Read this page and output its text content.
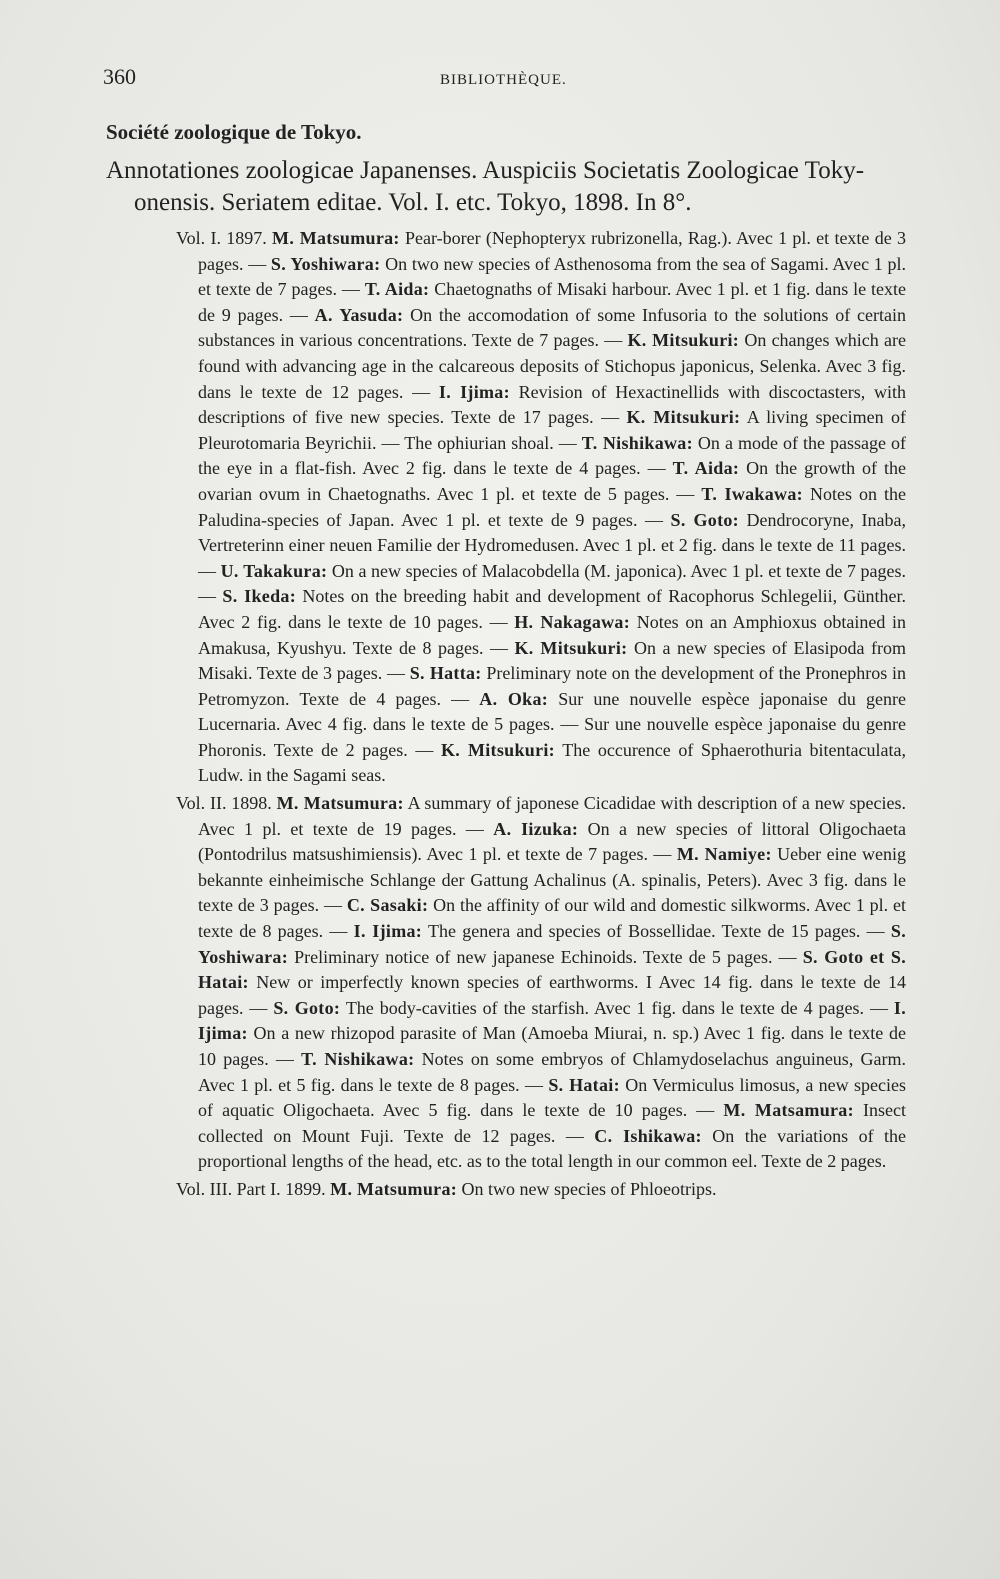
360	BIBLIOTHÈQUE.
Société zoologique de Tokyo.
Annotationes zoologicae Japanenses. Auspiciis Societatis Zoologicae Toky-
onensis. Seriatem editae. Vol. I. etc. Tokyo, 1898. In 8°.

Vol. I. 1897. M. Matsumura: Pear-borer (Nephopteryx rubrizonella, Rag.). Avec 1 pl. et texte de 3 pages. — S. Yoshiwara: On two new species of Asthenosoma from the sea of Sagami. Avec 1 pl. et texte de 7 pages. — T. Aida: Chaetognaths of Misaki harbour. Avec 1 pl. et 1 fig. dans le texte de 9 pages. — A. Yasuda: On the accomodation of some Infusoria to the solutions of certain substances in various concentrations. Texte de 7 pages. — K. Mitsukuri: On changes which are found with advancing age in the calcareous deposits of Stichopus japonicus, Selenka. Avec 3 fig. dans le texte de 12 pages. — I. Ijima: Revision of Hexactinellids with discoctasters, with descriptions of five new species. Texte de 17 pages. — K. Mitsukuri: A living specimen of Pleurotomaria Beyrichii. — The ophiurian shoal. — T. Nishikawa: On a mode of the passage of the eye in a flat-fish. Avec 2 fig. dans le texte de 4 pages. — T. Aida: On the growth of the ovarian ovum in Chaetognaths. Avec 1 pl. et texte de 5 pages. — T. Iwakawa: Notes on the Paludina-species of Japan. Avec 1 pl. et texte de 9 pages. — S. Goto: Dendrocoryne, Inaba, Vertreterinn einer neuen Familie der Hydromedusen. Avec 1 pl. et 2 fig. dans le texte de 11 pages. — U. Takakura: On a new species of Malacobdella (M. japonica). Avec 1 pl. et texte de 7 pages. — S. Ikeda: Notes on the breeding habit and development of Racophorus Schlegelii, Günther. Avec 2 fig. dans le texte de 10 pages. — H. Nakagawa: Notes on an Amphioxus obtained in Amakusa, Kyushyu. Texte de 8 pages. — K. Mitsukuri: On a new species of Elasipoda from Misaki. Texte de 3 pages. — S. Hatta: Preliminary note on the development of the Pronephros in Petromyzon. Texte de 4 pages. — A. Oka: Sur une nouvelle espèce japonaise du genre Lucernaria. Avec 4 fig. dans le texte de 5 pages. — Sur une nouvelle espèce japonaise du genre Phoronis. Texte de 2 pages. — K. Mitsukuri: The occurence of Sphaerothuria bitentaculata, Ludw. in the Sagami seas.

Vol. II. 1898. M. Matsumura: A summary of japonese Cicadidae with description of a new species. Avec 1 pl. et texte de 19 pages. — A. Iizuka: On a new species of littoral Oligochaeta (Pontodrilus matsushimiensis). Avec 1 pl. et texte de 7 pages. — M. Namiye: Ueber eine wenig bekannte einheimische Schlange der Gattung Achalinus (A. spinalis, Peters). Avec 3 fig. dans le texte de 3 pages. — C. Sasaki: On the affinity of our wild and domestic silkworms. Avec 1 pl. et texte de 8 pages. — I. Ijima: The genera and species of Bossellidae. Texte de 15 pages. — S. Yoshiwara: Preliminary notice of new japanese Echinoids. Texte de 5 pages. — S. Goto et S. Hatai: New or imperfectly known species of earthworms. I Avec 14 fig. dans le texte de 14 pages. — S. Goto: The body-cavities of the starfish. Avec 1 fig. dans le texte de 4 pages. — I. Ijima: On a new rhizopod parasite of Man (Amoeba Miurai, n. sp.) Avec 1 fig. dans le texte de 10 pages. — T. Nishikawa: Notes on some embryos of Chlamydoselachus anguineus, Garm. Avec 1 pl. et 5 fig. dans le texte de 8 pages. — S. Hatai: On Vermiculus limosus, a new species of aquatic Oligochaeta. Avec 5 fig. dans le texte de 10 pages. — M. Matsamura: Insect collected on Mount Fuji. Texte de 12 pages. — C. Ishikawa: On the variations of the proportional lengths of the head, etc. as to the total length in our common eel. Texte de 2 pages.

Vol. III. Part I. 1899. M. Matsumura: On two new species of Phloeotrips.
